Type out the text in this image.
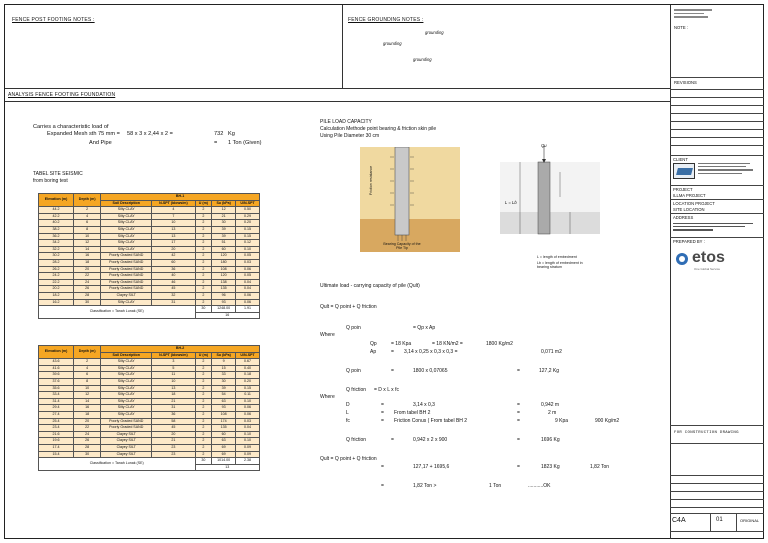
FENCE POST FOOTING NOTES :	FENCE GROUNDING NOTES :
grounding
grounding
grounding
ANALYSIS FENCE FOOTING FOUNDATION
Carries a characteristic load of
Expanded Mesh sth 75 mm = 58 x 3 x 2,44 x 2 =	732 Kg
And Pipe	= 1 Ton (Given)
TABEL SITE SEISMIC
from boring test
Elevation (m)	Depth (m)	BH-1				
		Soil Description	N-SPT (blows/m)	U (m)	Su (kPa)	U/N-SPT
44.2	2	Silty CLAY	4	2	12	0.50
42.2	4	Silty CLAY	7	2	21	0.29
40.2	6	Silty CLAY	10	2	30	0.20
38.2	8	Silty CLAY	13	2	39	0.15
36.2	10	Silty CLAY	13	2	39	0.15
34.2	12	Silty CLAY	17	2	51	0.12
32.2	14	Silty CLAY	20	2	60	0.10
30.2	16	Poorly Graded SAND	42	2	120	0.05
28.2	18	Poorly Graded SAND	60	2	180	0.03
26.2	20	Poorly Graded SAND	36	2	108	0.06
24.2	22	Poorly Graded SAND	40	2	120	0.05
22.2	24	Poorly Graded SAND	46	2	138	0.04
20.2	26	Poorly Graded SAND	45	2	135	0.04
18.2	28	Clayey SILT	32	2	96	0.06
16.2	30	Silty CLAY	31	2	93	0.06
Classification = Tanah Lunak (SE)				30	1248.00	1.91
				16		
Elevation (m)	Depth (m)	BH-2				
		Soil Description	N-SPT (blows/m)	U (m)	Su (kPa)	U/N-SPT
43.6	2	Silty CLAY	3	2	9	0.67
41.6	4	Silty CLAY	5	2	15	0.40
39.6	6	Silty CLAY	11	2	33	0.18
37.6	8	Silty CLAY	10	2	30	0.20
35.6	10	Silty CLAY	13	2	39	0.15
33.4	12	Silty CLAY	18	2	54	0.11
31.4	14	Silty CLAY	21	2	63	0.10
29.4	16	Silty CLAY	31	2	93	0.06
27.4	18	Silty CLAY	36	2	108	0.06
25.4	20	Poorly Graded SAND	58	2	174	0.03
23.4	22	Poorly Graded SAND	45	2	135	0.04
21.6	24	Clayey SILT	20	2	60	0.10
19.6	26	Clayey SILT	21	2	63	0.10
17.4	28	Clayey SILT	23	2	69	0.09
15.4	30	Clayey SILT	23	2	69	0.09
Classification = Tanah Lunak (SE)				30	1014.00	2.38
				13		
PILE LOAD CAPACITY
Calculation Methode point bearing & friction skin pile
Using Pile Diameter 30 cm
Friction resistance
Bearing Capacity of the Pile Tip
Qu
L = Lb
L = length of embedment
Lb = length of embedment in bearing stratum
Ultimate load - carrying capacity of pile (Qult)
Qult = Q point + Q friction
Q poin	= Qp x Ap
Where
Qp	= 18 Kpa	= 18 KN/m2 =	1800 Kg/m2
Ap	= 3,14 x 0,25 x 0,3 x 0,3 =	0,071 m2
Q poin	=	1800 x 0,07065	=	127,2 Kg
Q friction = D x L x fc
Where
D	=	3,14 x 0,3	=	0,942 m
L	= From tabel BH 2	=	2 m
fc	= Friction Conus ( From tabel BH 2	=	9 Kpa	900 Kg/m2
Q friction	=	0,942 x 2 x 900	=	1696 Kg
Qult = Q point + Q friction
=	127,17 + 1695,6	=	1823 Kg	1,82 Ton
=	1,82 Ton >	1 Ton	...........OK
NOTE :
REVISIONS
CLIENT
PROJECT
ILLMA PROJECT
LOCATION PROJECT
SITE LOCATION
ADDRESS
PREPARED BY :
etos
One Global Service
FOR CONSTRUCTION DRAWING
C4A	01	ORIGINAL
